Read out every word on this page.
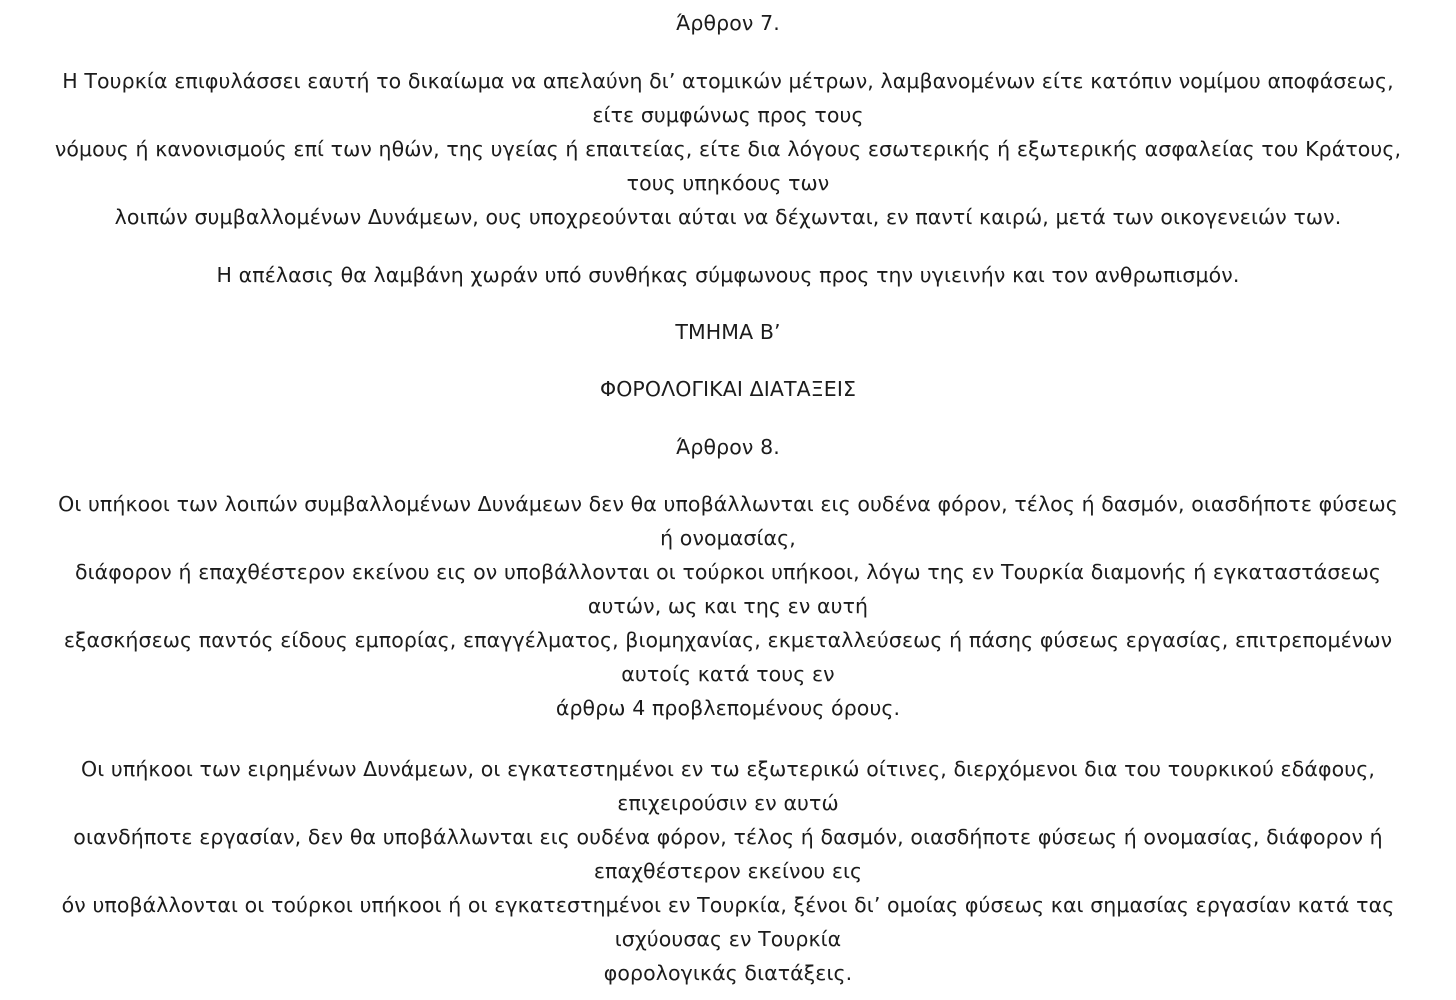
Άρθρον 7.
Η Τουρκία επιφυλάσσει εαυτή το δικαίωμα να απελαύνη δι’ ατομικών μέτρων, λαμβανομένων είτε κατόπιν νομίμου αποφάσεως,
είτε συμφώνως προς τους
νόμους ή κανονισμούς επί των ηθών, της υγείας ή επαιτείας, είτε δια λόγους εσωτερικής ή εξωτερικής ασφαλείας του Κράτους,
τους υπηκόους των
λοιπών συμβαλλομένων Δυνάμεων, ους υποχρεούνται αύται να δέχωνται, εν παντί καιρώ, μετά των οικογενειών των.
Η απέλασις θα λαμβάνη χωράν υπό συνθήκας σύμφωνους προς την υγιεινήν και τον ανθρωπισμόν.
ΤΜΗΜΑ Β’
ΦΟΡΟΛΟΓΙΚΑΙ ΔΙΑΤΑΞΕΙΣ
Άρθρον 8.
Οι υπήκοοι των λοιπών συμβαλλομένων Δυνάμεων δεν θα υποβάλλωνται εις ουδένα φόρον, τέλος ή δασμόν, οιασδήποτε φύσεως
ή ονομασίας,
διάφορον ή επαχθέστερον εκείνου εις ον υποβάλλονται οι τούρκοι υπήκοοι, λόγω της εν Τουρκία διαμονής ή εγκαταστάσεως
αυτών, ως και της εν αυτή
εξασκήσεως παντός είδους εμπορίας, επαγγέλματος, βιομηχανίας, εκμεταλλεύσεως ή πάσης φύσεως εργασίας, επιτρεπομένων
αυτοίς κατά τους εν
άρθρω 4 προβλεπομένους όρους.
Οι υπήκοοι των ειρημένων Δυνάμεων, οι εγκατεστημένοι εν τω εξωτερικώ οίτινες, διερχόμενοι δια του τουρκικού εδάφους,
επιχειρούσιν εν αυτώ
οιανδήποτε εργασίαν, δεν θα υποβάλλωνται εις ουδένα φόρον, τέλος ή δασμόν, οιασδήποτε φύσεως ή ονομασίας, διάφορον ή
επαχθέστερον εκείνου εις
όν υποβάλλονται οι τούρκοι υπήκοοι ή οι εγκατεστημένοι εν Τουρκία, ξένοι δι’ ομοίας φύσεως και σημασίας εργασίαν κατά τας
ισχύουσας εν Τουρκία
φορολογικάς διατάξεις.
